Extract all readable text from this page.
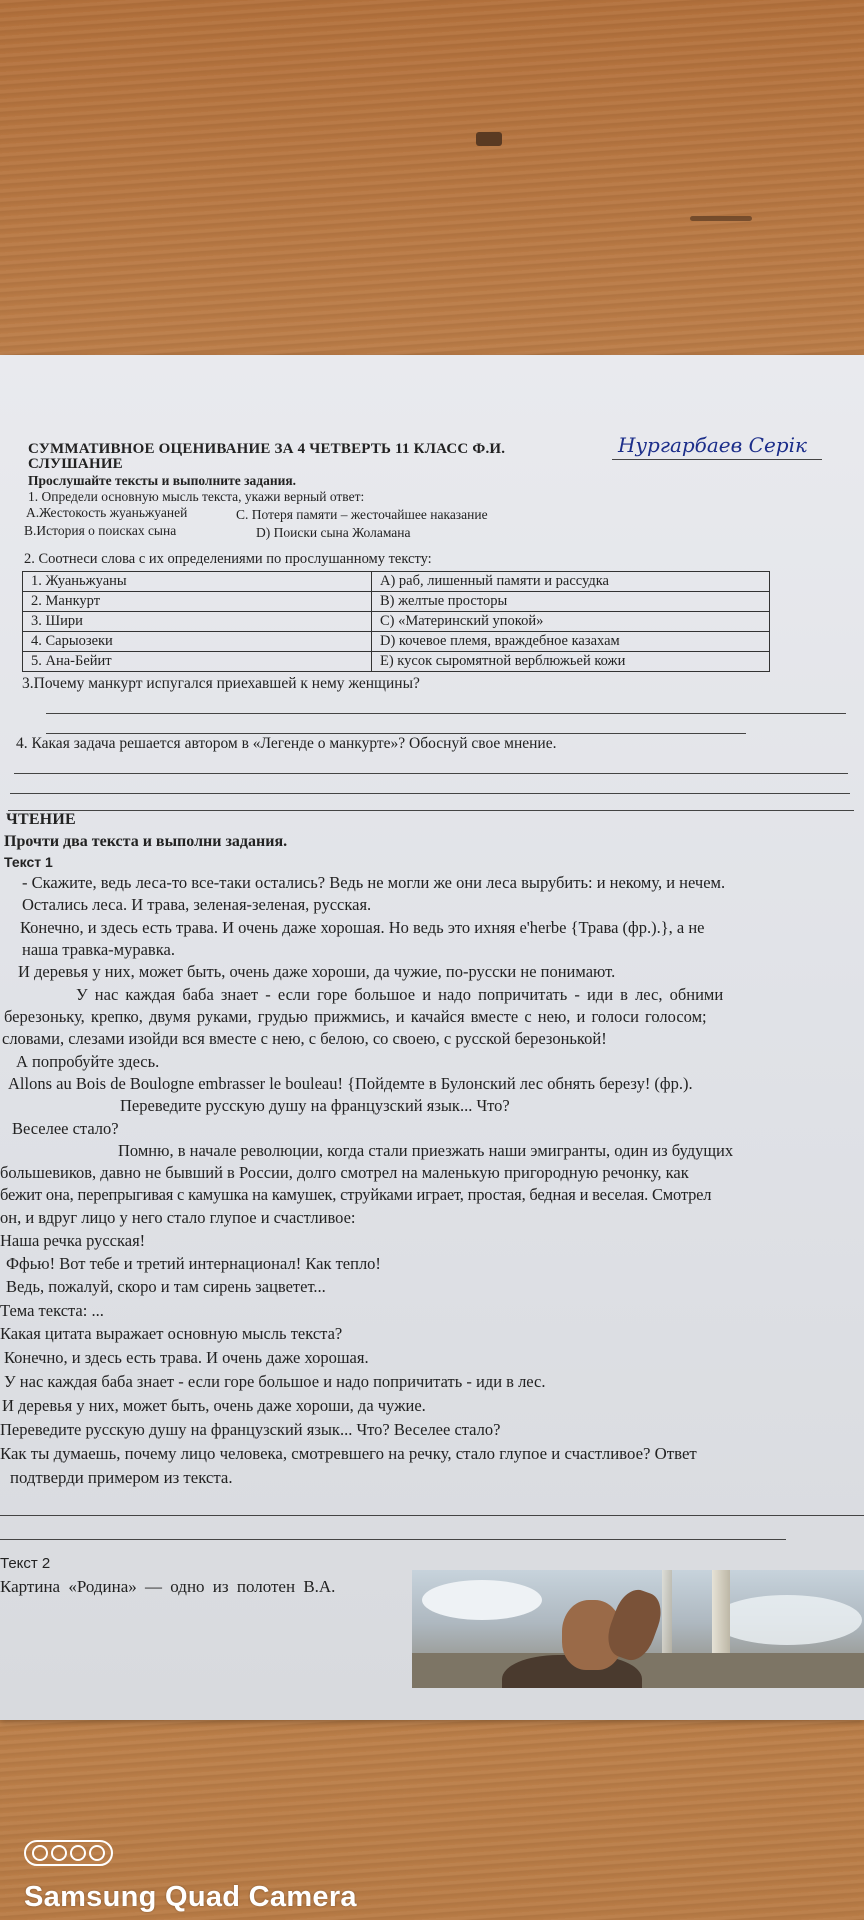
СУММАТИВНОЕ ОЦЕНИВАНИЕ ЗА 4 ЧЕТВЕРТЬ 11 КЛАСС Ф.И.	Нургарбаев Серік
СЛУШАНИЕ
Прослушайте тексты и выполните задания.
1. Определи основную мысль текста, укажи верный ответ:
A.Жестокость жуаньжуаней	C. Потеря памяти – жесточайшее наказание
B.История о поисках сына	D) Поиски сына Жоламана
2. Соотнеси слова с их определениями по прослушанному тексту:
1. Жуаньжуаны	A) раб, лишенный памяти и рассудка
2. Манкурт	B) желтые просторы
3. Шири	C) «Материнский упокой»
4. Сарыозеки	D) кочевое племя, враждебное казахам
5. Ана-Бейит	E) кусок сыромятной верблюжьей кожи
3.Почему манкурт испугался приехавшей к нему женщины?
4. Какая задача решается автором в «Легенде о манкурте»? Обоснуй свое мнение.
ЧТЕНИЕ
Прочти два текста и выполни задания.
Текст 1
- Скажите, ведь леса-то все-таки остались? Ведь не могли же они леса вырубить: и некому, и нечем.
Остались леса. И трава, зеленая-зеленая, русская.
Конечно, и здесь есть трава. И очень даже хорошая. Но ведь это ихняя e'herbe {Трава (фр.).}, а не
наша травка-муравка.
И деревья у них, может быть, очень даже хороши, да чужие, по-русски не понимают.
У нас каждая баба знает - если горе большое и надо попричитать - иди в лес, обними
березоньку, крепко, двумя руками, грудью прижмись, и качайся вместе с нею, и голоси голосом;
словами, слезами изойди вся вместе с нею, с белою, со своею, с русской березонькой!
А попробуйте здесь.
Allons au Bois de Boulogne embrasser le bouleau! {Пойдемте в Булонский лес обнять березу! (фр.).
Переведите русскую душу на французский язык... Что?
Веселее стало?
Помню, в начале революции, когда стали приезжать наши эмигранты, один из будущих
большевиков, давно не бывший в России, долго смотрел на маленькую пригородную речонку, как
бежит она, перепрыгивая с камушка на камушек, струйками играет, простая, бедная и веселая. Смотрел
он, и вдруг лицо у него стало глупое и счастливое:
Наша речка русская!
Ффью! Вот тебе и третий интернационал! Как тепло!
Ведь, пожалуй, скоро и там сирень зацветет...
Тема текста: ...
Какая цитата выражает основную мысль текста?
Конечно, и здесь есть трава. И очень даже хорошая.
У нас каждая баба знает - если горе большое и надо попричитать - иди в лес.
И деревья у них, может быть, очень даже хороши, да чужие.
Переведите русскую душу на французский язык... Что? Веселее стало?
Как ты думаешь, почему лицо человека, смотревшего на речку, стало глупое и счастливое? Ответ
подтверди примером из текста.
Текст 2
Картина «Родина» — одно из полотен В.А.
Samsung Quad Camera
